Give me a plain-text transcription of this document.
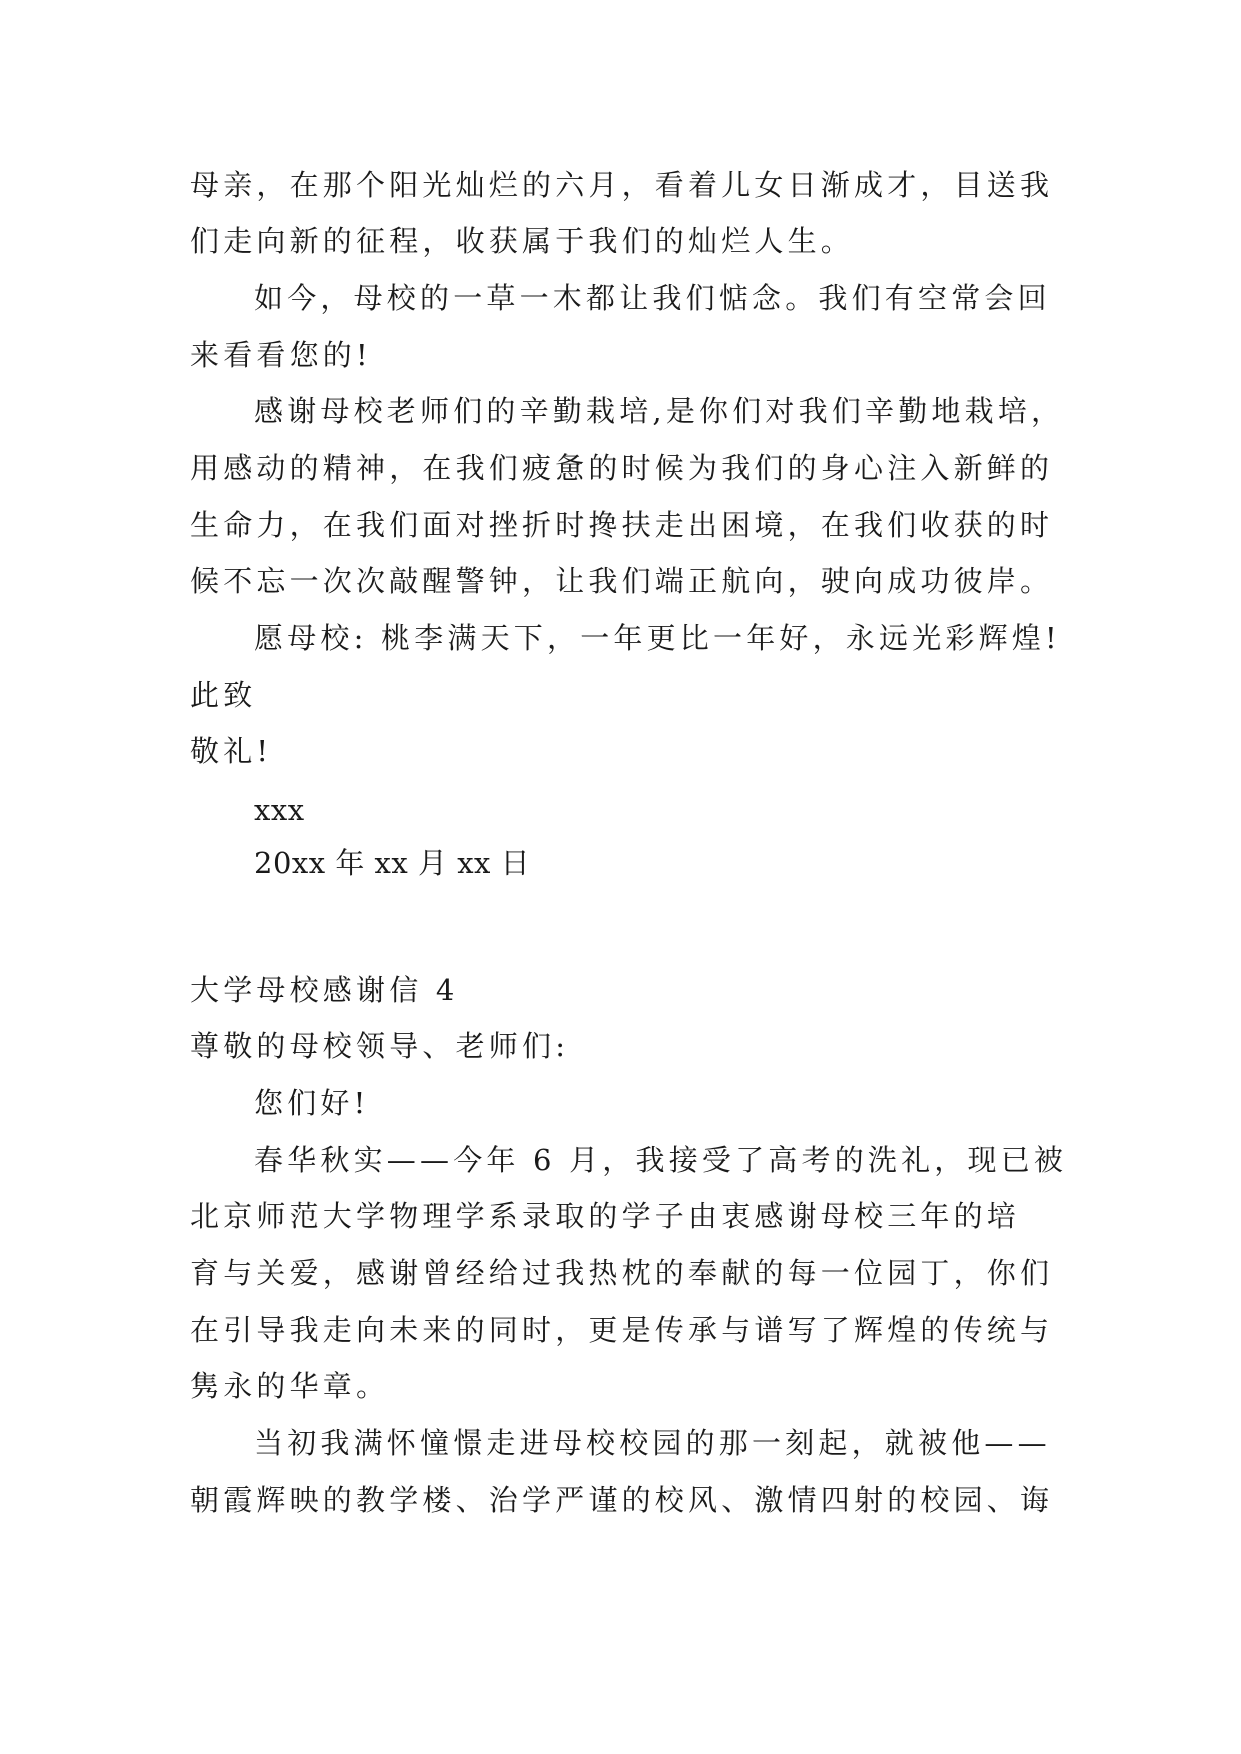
母亲，在那个阳光灿烂的六月，看着儿女日渐成才，目送我
们走向新的征程，收获属于我们的灿烂人生。
如今，母校的一草一木都让我们惦念。我们有空常会回
来看看您的!
感谢母校老师们的辛勤栽培,是你们对我们辛勤地栽培，
用感动的精神，在我们疲惫的时候为我们的身心注入新鲜的
生命力，在我们面对挫折时搀扶走出困境，在我们收获的时
候不忘一次次敲醒警钟，让我们端正航向，驶向成功彼岸。
愿母校: 桃李满天下，一年更比一年好，永远光彩辉煌!
此致
敬礼!
xxx
20xx 年 xx 月 xx 日
大学母校感谢信 4
尊敬的母校领导、老师们:
您们好!
春华秋实——今年 6 月，我接受了高考的洗礼，现已被
北京师范大学物理学系录取的学子由衷感谢母校三年的培
育与关爱，感谢曾经给过我热枕的奉献的每一位园丁，你们
在引导我走向未来的同时，更是传承与谱写了辉煌的传统与
隽永的华章。
当初我满怀憧憬走进母校校园的那一刻起，就被他——
朝霞辉映的教学楼、治学严谨的校风、激情四射的校园、诲
